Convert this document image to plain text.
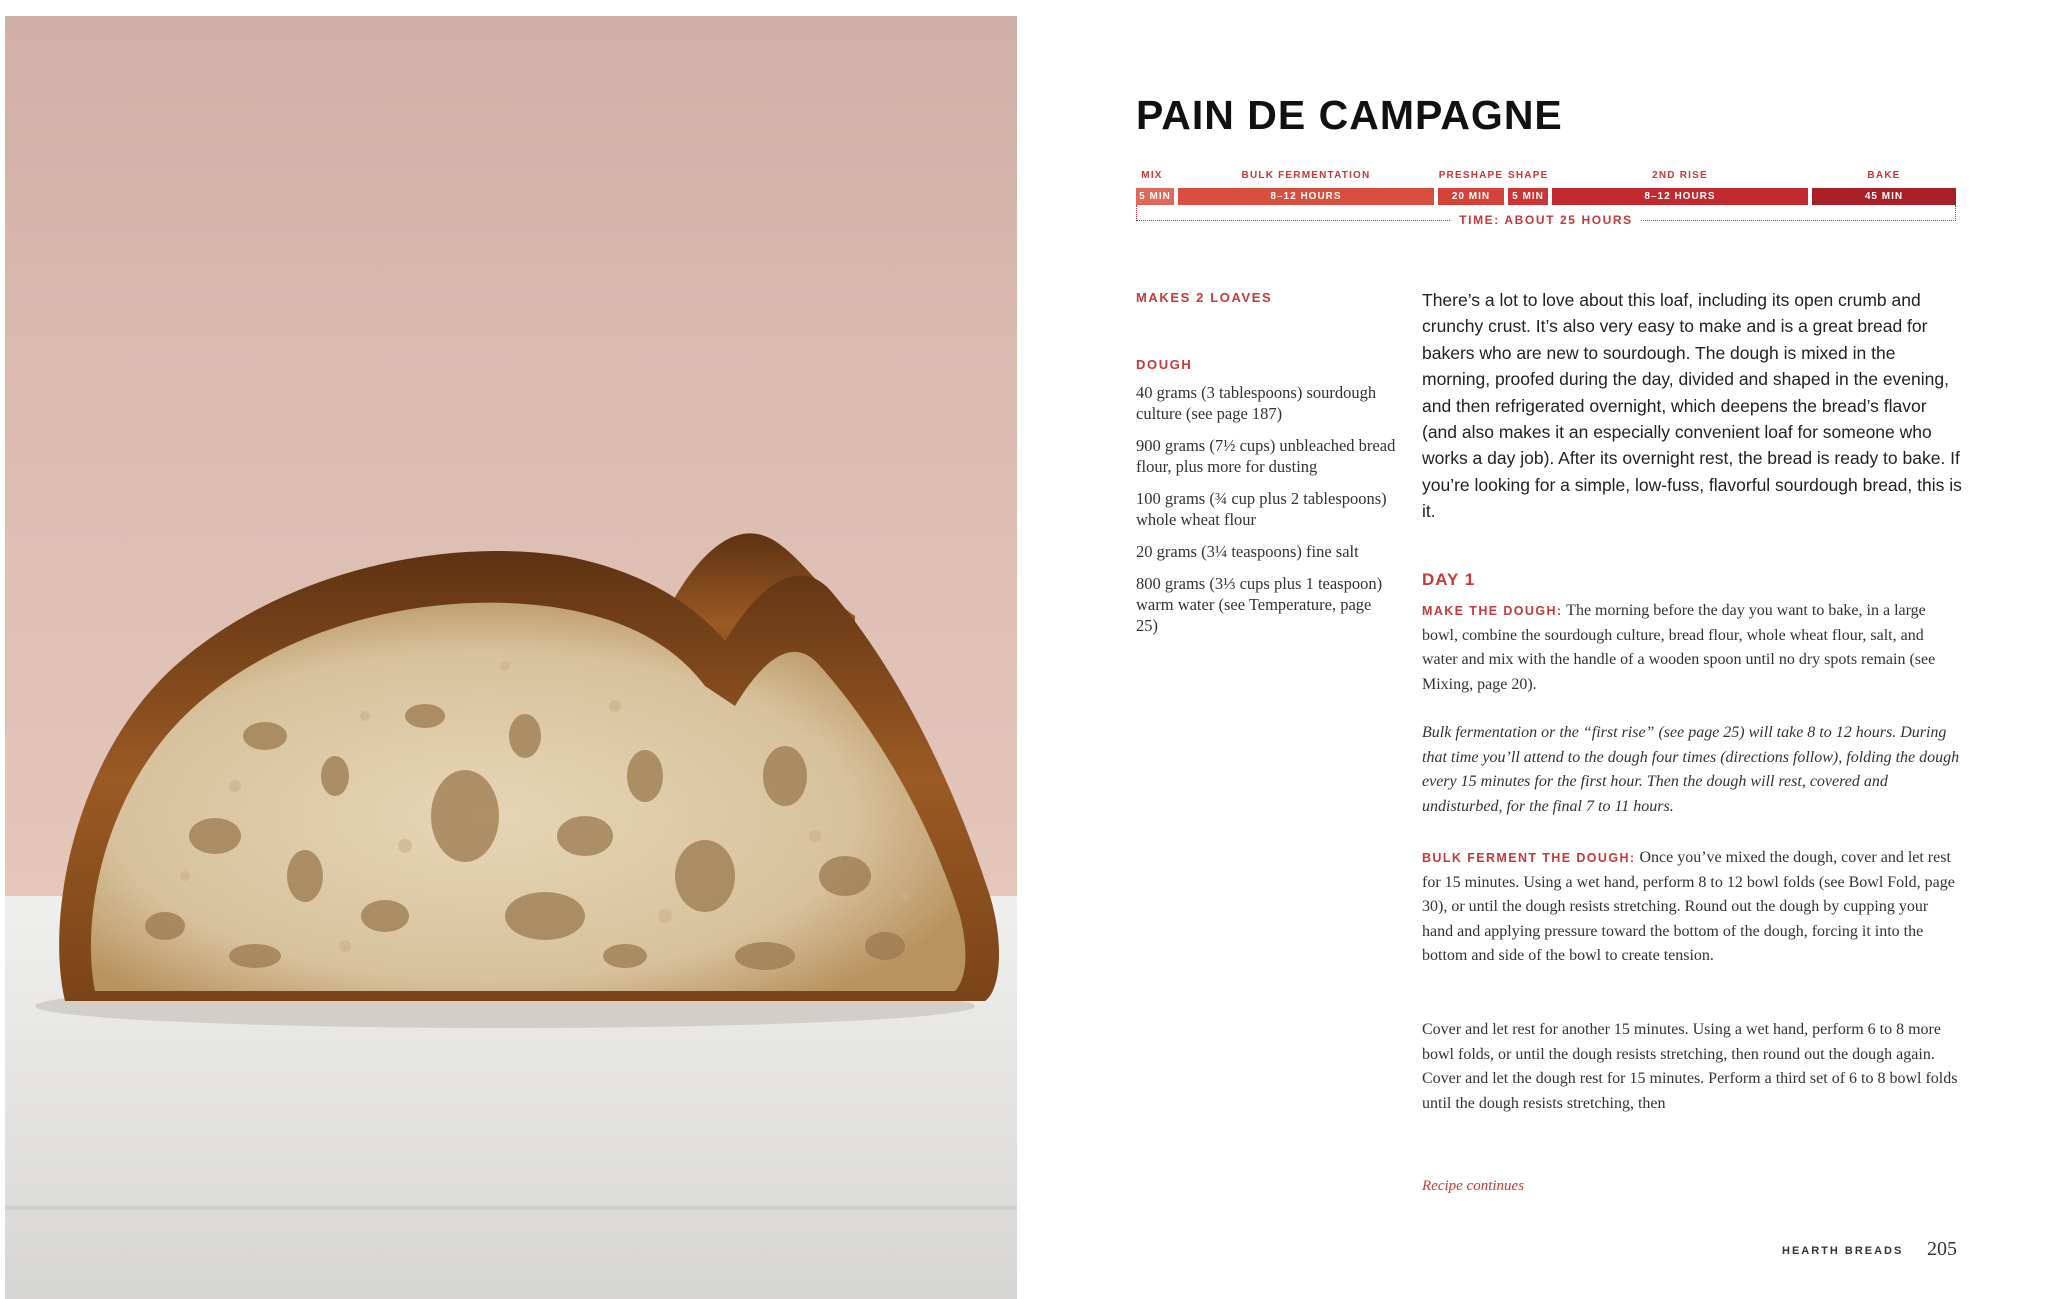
PAIN DE CAMPAGNE
MIX	BULK FERMENTATION	PRESHAPE SHAPE	2ND RISE	BAKE
5 MIN	8–12 HOURS	20 MIN	5 MIN	8–12 HOURS	45 MIN
TIME: ABOUT 25 HOURS
MAKES 2 LOAVES
DOUGH
40 grams (3 tablespoons) sourdough culture (see page 187)
900 grams (7½ cups) unbleached bread flour, plus more for dusting
100 grams (¾ cup plus 2 tablespoons) whole wheat flour
20 grams (3¼ teaspoons) fine salt
800 grams (3⅓ cups plus 1 teaspoon) warm water (see Temperature, page 25)

There’s a lot to love about this loaf, including its open crumb and crunchy crust. It’s also very easy to make and is a great bread for bakers who are new to sourdough. The dough is mixed in the morning, proofed during the day, divided and shaped in the evening, and then refrigerated overnight, which deepens the bread’s flavor (and also makes it an especially convenient loaf for someone who works a day job). After its overnight rest, the bread is ready to bake. If you’re looking for a simple, low-fuss, flavorful sourdough bread, this is it.

DAY 1

MAKE THE DOUGH: The morning before the day you want to bake, in a large bowl, combine the sourdough culture, bread flour, whole wheat flour, salt, and water and mix with the handle of a wooden spoon until no dry spots remain (see Mixing, page 20).

Bulk fermentation or the “first rise” (see page 25) will take 8 to 12 hours. During that time you’ll attend to the dough four times (directions follow), folding the dough every 15 minutes for the first hour. Then the dough will rest, covered and undisturbed, for the final 7 to 11 hours.

BULK FERMENT THE DOUGH: Once you’ve mixed the dough, cover and let rest for 15 minutes. Using a wet hand, perform 8 to 12 bowl folds (see Bowl Fold, page 30), or until the dough resists stretching. Round out the dough by cupping your hand and applying pressure toward the bottom of the dough, forcing it into the bottom and side of the bowl to create tension.

Cover and let rest for another 15 minutes. Using a wet hand, perform 6 to 8 more bowl folds, or until the dough resists stretching, then round out the dough again. Cover and let the dough rest for 15 minutes. Perform a third set of 6 to 8 bowl folds until the dough resists stretching, then

Recipe continues
HEARTH BREADS 205
